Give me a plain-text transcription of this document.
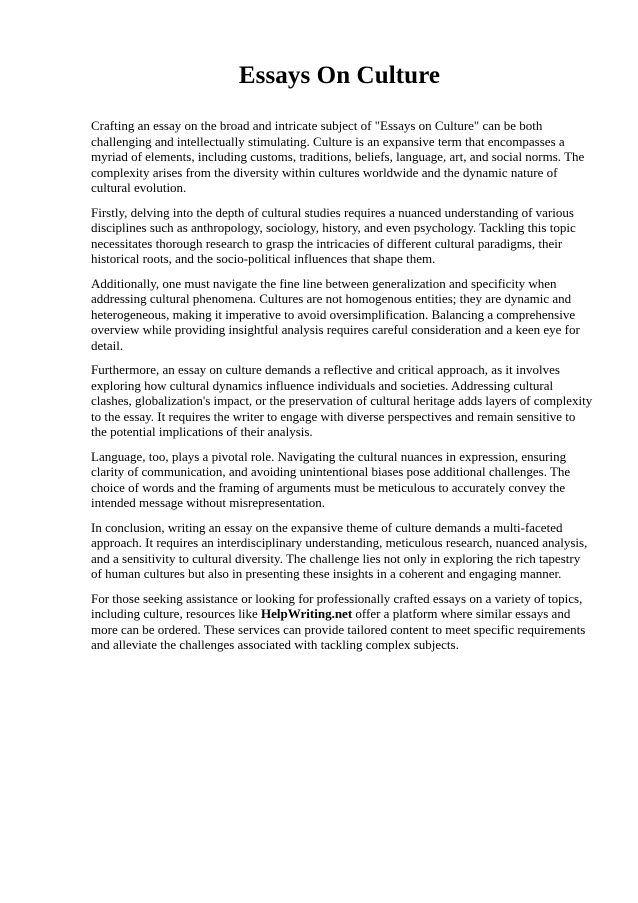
Essays On Culture

Crafting an essay on the broad and intricate subject of "Essays on Culture" can be both challenging and intellectually stimulating. Culture is an expansive term that encompasses a myriad of elements, including customs, traditions, beliefs, language, art, and social norms. The complexity arises from the diversity within cultures worldwide and the dynamic nature of cultural evolution.

Firstly, delving into the depth of cultural studies requires a nuanced understanding of various disciplines such as anthropology, sociology, history, and even psychology. Tackling this topic necessitates thorough research to grasp the intricacies of different cultural paradigms, their historical roots, and the socio-political influences that shape them.

Additionally, one must navigate the fine line between generalization and specificity when addressing cultural phenomena. Cultures are not homogenous entities; they are dynamic and heterogeneous, making it imperative to avoid oversimplification. Balancing a comprehensive overview while providing insightful analysis requires careful consideration and a keen eye for detail.

Furthermore, an essay on culture demands a reflective and critical approach, as it involves exploring how cultural dynamics influence individuals and societies. Addressing cultural clashes, globalization's impact, or the preservation of cultural heritage adds layers of complexity to the essay. It requires the writer to engage with diverse perspectives and remain sensitive to the potential implications of their analysis.

Language, too, plays a pivotal role. Navigating the cultural nuances in expression, ensuring clarity of communication, and avoiding unintentional biases pose additional challenges. The choice of words and the framing of arguments must be meticulous to accurately convey the intended message without misrepresentation.

In conclusion, writing an essay on the expansive theme of culture demands a multi-faceted approach. It requires an interdisciplinary understanding, meticulous research, nuanced analysis, and a sensitivity to cultural diversity. The challenge lies not only in exploring the rich tapestry of human cultures but also in presenting these insights in a coherent and engaging manner.

For those seeking assistance or looking for professionally crafted essays on a variety of topics, including culture, resources like HelpWriting.net offer a platform where similar essays and more can be ordered. These services can provide tailored content to meet specific requirements and alleviate the challenges associated with tackling complex subjects.
